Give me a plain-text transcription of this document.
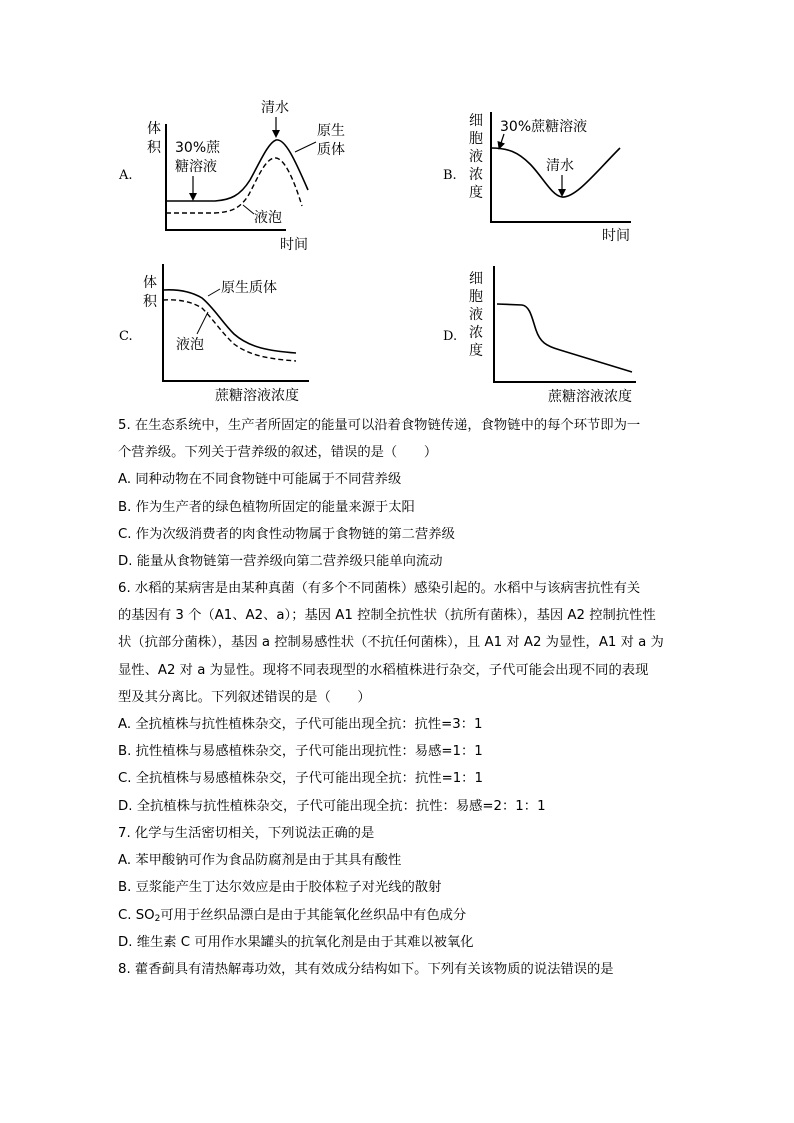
A.
体
积
时间
30%蔗
糖溶液
清水
原生
质体
液泡
B.
细
胞
液
浓
度
时间
30%蔗糖溶液
清水
C.
体
积
蔗糖溶液浓度
原生质体
液泡
D.
细
胞
液
浓
度
蔗糖溶液浓度

5. 在生态系统中，生产者所固定的能量可以沿着食物链传递，食物链中的每个环节即为一

个营养级。下列关于营养级的叙述，错误的是（　　）

A. 同种动物在不同食物链中可能属于不同营养级

B. 作为生产者的绿色植物所固定的能量来源于太阳

C. 作为次级消费者的肉食性动物属于食物链的第二营养级

D. 能量从食物链第一营养级向第二营养级只能单向流动

6. 水稻的某病害是由某种真菌（有多个不同菌株）感染引起的。水稻中与该病害抗性有关

的基因有 3 个（A1、A2、a）；基因 A1 控制全抗性状（抗所有菌株），基因 A2 控制抗性性

状（抗部分菌株），基因 a 控制易感性状（不抗任何菌株），且 A1 对 A2 为显性，A1 对 a 为

显性、A2 对 a 为显性。现将不同表现型的水稻植株进行杂交，子代可能会出现不同的表现

型及其分离比。下列叙述错误的是（　　）

A. 全抗植株与抗性植株杂交，子代可能出现全抗：抗性=3：1

B. 抗性植株与易感植株杂交，子代可能出现抗性：易感=1：1

C. 全抗植株与易感植株杂交，子代可能出现全抗：抗性=1：1

D. 全抗植株与抗性植株杂交，子代可能出现全抗：抗性：易感=2：1：1

7. 化学与生活密切相关，下列说法正确的是

A. 苯甲酸钠可作为食品防腐剂是由于其具有酸性

B. 豆浆能产生丁达尔效应是由于胶体粒子对光线的散射

C. $SO_2$可用于丝织品漂白是由于其能氧化丝织品中有色成分

D. 维生素 C 可用作水果罐头的抗氧化剂是由于其难以被氧化

8. 藿香蓟具有清热解毒功效，其有效成分结构如下。下列有关该物质的说法错误的是
